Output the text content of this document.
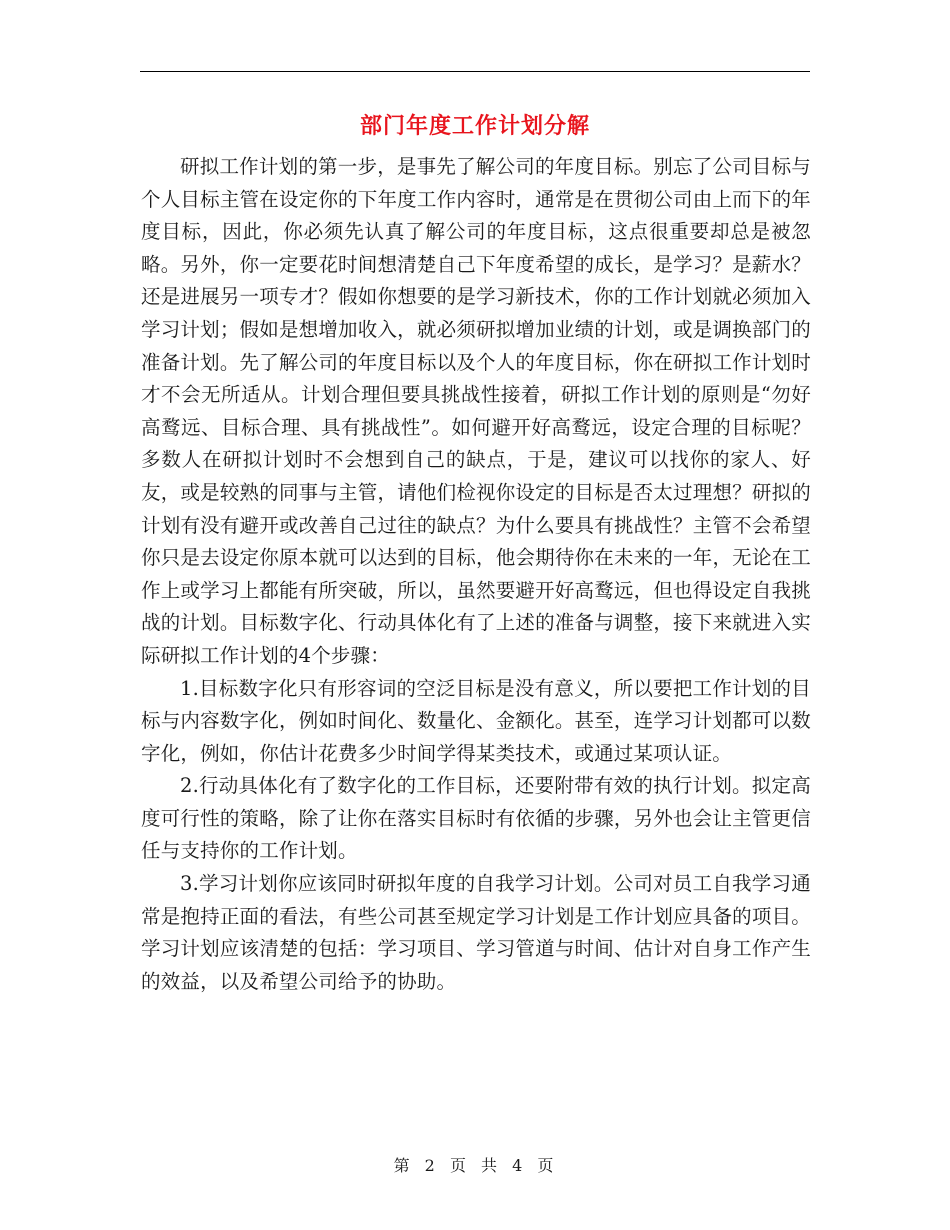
部门年度工作计划分解

研拟工作计划的第一步，是事先了解公司的年度目标。别忘了公司目标与个人目标主管在设定你的下年度工作内容时，通常是在贯彻公司由上而下的年度目标，因此，你必须先认真了解公司的年度目标，这点很重要却总是被忽略。另外，你一定要花时间想清楚自己下年度希望的成长，是学习？是薪水？还是进展另一项专才？假如你想要的是学习新技术，你的工作计划就必须加入学习计划；假如是想增加收入，就必须研拟增加业绩的计划，或是调换部门的准备计划。先了解公司的年度目标以及个人的年度目标，你在研拟工作计划时才不会无所适从。计划合理但要具挑战性接着，研拟工作计划的原则是“勿好高鹜远、目标合理、具有挑战性”。如何避开好高鹜远，设定合理的目标呢？多数人在研拟计划时不会想到自己的缺点，于是，建议可以找你的家人、好友，或是较熟的同事与主管，请他们检视你设定的目标是否太过理想？研拟的计划有没有避开或改善自己过往的缺点？为什么要具有挑战性？主管不会希望你只是去设定你原本就可以达到的目标，他会期待你在未来的一年，无论在工作上或学习上都能有所突破，所以，虽然要避开好高鹜远，但也得设定自我挑战的计划。目标数字化、行动具体化有了上述的准备与调整，接下来就进入实际研拟工作计划的4个步骤：

1.目标数字化只有形容词的空泛目标是没有意义，所以要把工作计划的目标与内容数字化，例如时间化、数量化、金额化。甚至，连学习计划都可以数字化，例如，你估计花费多少时间学得某类技术，或通过某项认证。

2.行动具体化有了数字化的工作目标，还要附带有效的执行计划。拟定高度可行性的策略，除了让你在落实目标时有依循的步骤，另外也会让主管更信任与支持你的工作计划。

3.学习计划你应该同时研拟年度的自我学习计划。公司对员工自我学习通常是抱持正面的看法，有些公司甚至规定学习计划是工作计划应具备的项目。学习计划应该清楚的包括：学习项目、学习管道与时间、估计对自身工作产生的效益，以及希望公司给予的协助。

第 2 页 共 4 页
